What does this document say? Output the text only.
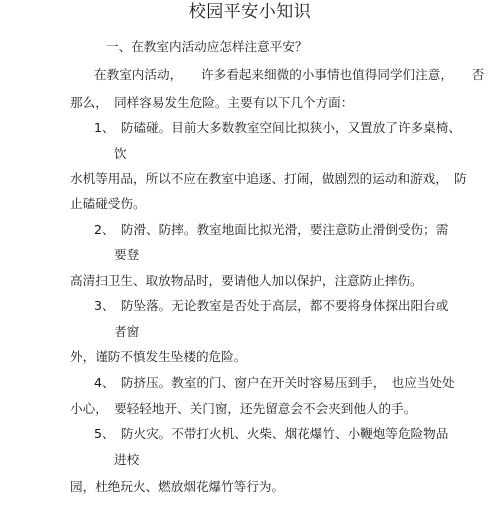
校园平安小知识
一、在教室内活动应怎样注意平安？
在教室内活动，　　许多看起来细微的小事情也值得同学们注意，　　否
那么，　同样容易发生危险。主要有以下几个方面：
1、　防磕碰。目前大多数教室空间比拟狭小，又置放了许多桌椅、
饮
水机等用品，所以不应在教室中追逐、打闹，做剧烈的运动和游戏，　防
止磕碰受伤。
2、　防滑、防摔。教室地面比拟光滑，要注意防止滑倒受伤；需
要登
高清扫卫生、取放物品时，要请他人加以保护，注意防止摔伤。
3、　防坠落。无论教室是否处于高层，都不要将身体探出阳台或
者窗
外，谨防不慎发生坠楼的危险。
4、　防挤压。教室的门、窗户在开关时容易压到手，　也应当处处
小心，　要轻轻地开、关门窗，还先留意会不会夹到他人的手。
5、　防火灾。不带打火机、火柴、烟花爆竹、小鞭炮等危险物品
进校
园，杜绝玩火、燃放烟花爆竹等行为。
